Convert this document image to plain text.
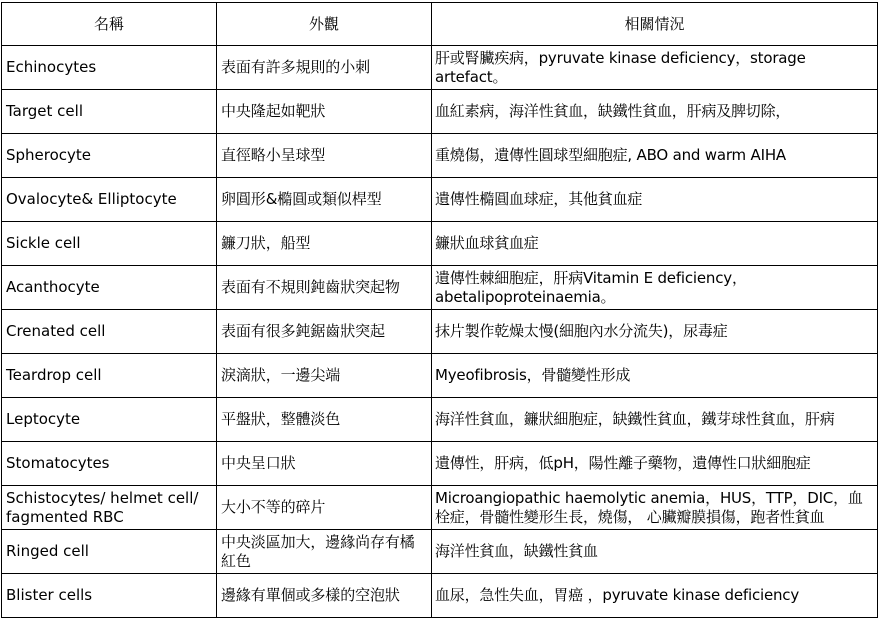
名稱	外觀	相關情況
Echinocytes	表面有許多規則的小刺	肝或腎臟疾病，pyruvate kinase deficiency，storage artefact。
Target cell	中央隆起如靶狀	血紅素病，海洋性貧血，缺鐵性貧血，肝病及脾切除，
Spherocyte	直徑略小呈球型	重燒傷，遺傳性圓球型細胞症, ABO and warm AIHA
Ovalocyte& Elliptocyte	卵圓形&橢圓或類似桿型	遺傳性橢圓血球症，其他貧血症
Sickle cell	鐮刀狀，船型	鐮狀血球貧血症
Acanthocyte	表面有不規則鈍齒狀突起物	遺傳性棘細胞症，肝病Vitamin E deficiency，abetalipoproteinaemia。
Crenated cell	表面有很多鈍鋸齒狀突起	抹片製作乾燥太慢(細胞內水分流失)，尿毒症
Teardrop cell	淚滴狀，一邊尖端	Myeofibrosis，骨髓變性形成
Leptocyte	平盤狀，整體淡色	海洋性貧血，鐮狀細胞症，缺鐵性貧血，鐵芽球性貧血，肝病
Stomatocytes	中央呈口狀	遺傳性，肝病，低pH，陽性離子藥物，遺傳性口狀細胞症
Schistocytes/ helmet cell/ fagmented RBC	大小不等的碎片	Microangiopathic haemolytic anemia，HUS，TTP，DIC，血栓症，骨髓性變形生長，燒傷， 心臟瓣膜損傷，跑者性貧血
Ringed cell	中央淡區加大，邊緣尚存有橘紅色	海洋性貧血，缺鐵性貧血
Blister cells	邊緣有單個或多樣的空泡狀	血尿，急性失血，胃癌 ，pyruvate kinase deficiency
